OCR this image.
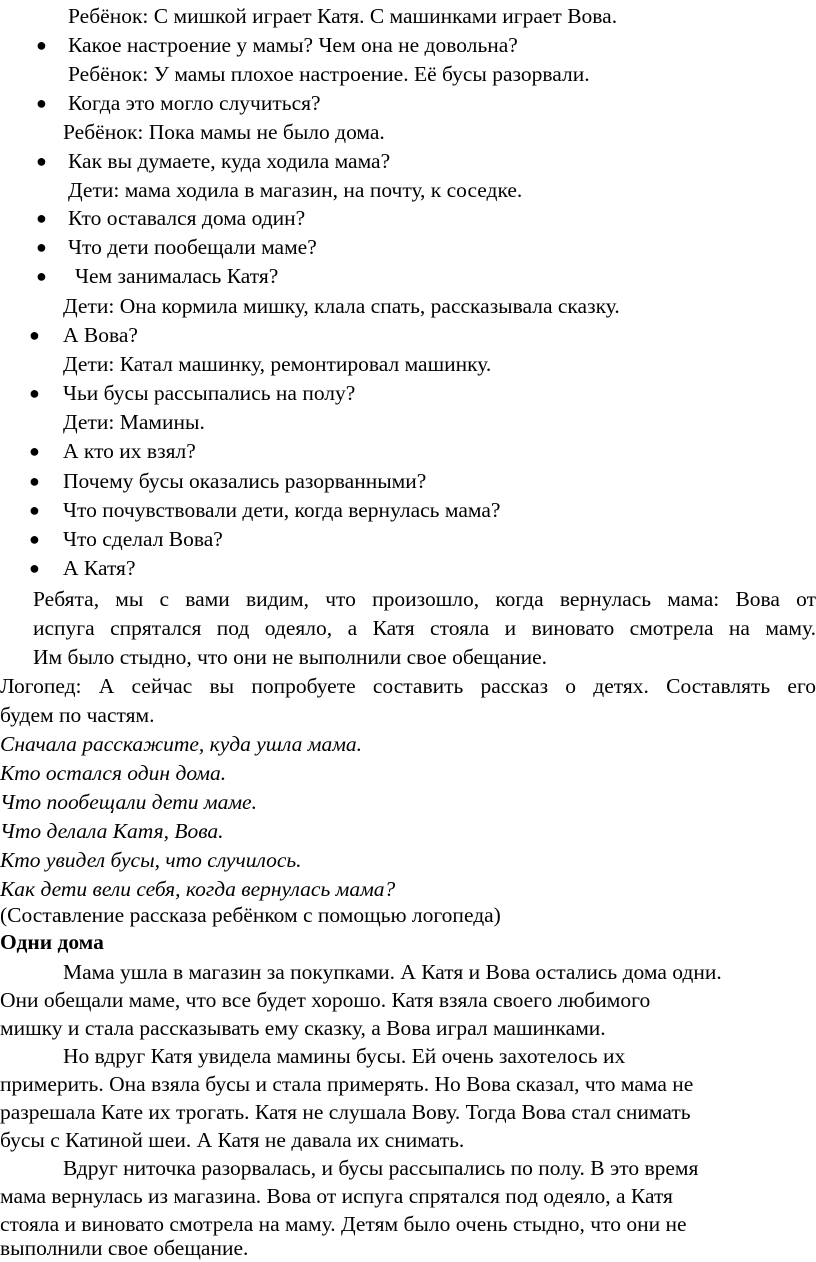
Ребёнок: С мишкой играет Катя. С машинками играет Вова.
● Какое настроение у мамы? Чем она не довольна?
Ребёнок: У мамы плохое настроение. Её бусы разорвали.
● Когда это могло случиться?
Ребёнок: Пока мамы не было дома.
● Как вы думаете, куда ходила мама?
Дети: мама ходила в магазин, на почту, к соседке.
● Кто оставался дома один?
● Что дети пообещали маме?
● Чем занималась Катя?
Дети: Она кормила мишку, клала спать, рассказывала сказку.
● А Вова?
Дети: Катал машинку, ремонтировал машинку.
● Чьи бусы рассыпались на полу?
Дети: Мамины.
● А кто их взял?
● Почему бусы оказались разорванными?
● Что почувствовали дети, когда вернулась мама?
● Что сделал Вова?
● А Катя?
Ребята, мы с вами видим, что произошло, когда вернулась мама: Вова от
испуга спрятался под одеяло, а Катя стояла и виновато смотрела на маму.
Им было стыдно, что они не выполнили свое обещание.
Логопед: А сейчас вы попробуете составить рассказ о детях. Составлять его
будем по частям.
Сначала расскажите, куда ушла мама.
Кто остался один дома.
Что пообещали дети маме.
Что делала Катя, Вова.
Кто увидел бусы, что случилось.
Как дети вели себя, когда вернулась мама?
(Составление рассказа ребёнком с помощью логопеда)
Одни дома
Мама ушла в магазин за покупками. А Катя и Вова остались дома одни.
Они обещали маме, что все будет хорошо. Катя взяла своего любимого
мишку и стала рассказывать ему сказку, а Вова играл машинками.
Но вдруг Катя увидела мамины бусы. Ей очень захотелось их
примерить. Она взяла бусы и стала примерять. Но Вова сказал, что мама не
разрешала Кате их трогать. Катя не слушала Вову. Тогда Вова стал снимать
бусы с Катиной шеи. А Катя не давала их снимать.
Вдруг ниточка разорвалась, и бусы рассыпались по полу. В это время
мама вернулась из магазина. Вова от испуга спрятался под одеяло, а Катя
стояла и виновато смотрела на маму. Детям было очень стыдно, что они не
выполнили свое обещание.
